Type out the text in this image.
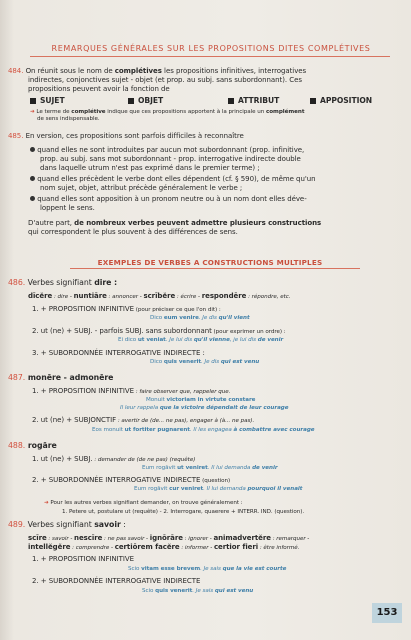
REMARQUES GÉNÉRALES SUR LES PROPOSITIONS DITES COMPLÉTIVES
484. On réunit sous le nom de complétives les propositions infinitives, interrogatives
indirectes, conjonctives sujet - objet (et prop. au subj. sans subordonnant). Ces
propositions peuvent avoir la fonction de
SUJET	OBJET	ATTRIBUT	APPOSITION
➜ Le terme de complétive indique que ces propositions apportent à la principale un complément
de sens indispensable.
485. En version, ces propositions sont parfois difficiles à reconnaître
quand elles ne sont introduites par aucun mot subordonnant (prop. infinitive,
prop. au subj. sans mot subordonnant - prop. interrogative indirecte double
dans laquelle utrum n'est pas exprimé dans le premier terme) ;
quand elles précèdent le verbe dont elles dépendent (cf. § 590), de même qu'un
nom sujet, objet, attribut précède généralement le verbe ;
quand elles sont apposition à un pronom neutre ou à un nom dont elles déve-
loppent le sens.
D'autre part, de nombreux verbes peuvent admettre plusieurs constructions
qui correspondent le plus souvent à des différences de sens.
EXEMPLES DE VERBES A CONSTRUCTIONS MULTIPLES
486. Verbes signifiant dire :
dīcĕre : dire - nuntiāre : annoncer - scrībĕre : écrire - respondēre : répondre, etc.
1. + PROPOSITION INFINITIVE (pour préciser ce que l'on dit) :
Dico eum venire. Je dis qu'il vient
2. ut (ne) + SUBJ. - parfois SUBJ. sans subordonnant (pour exprimer un ordre) :
Ei dico ut veniat. Je lui dis qu'il vienne, je lui dis de venir
3. + SUBORDONNÉE INTERROGATIVE INDIRECTE :
Dico quis venerit. Je dis qui est venu
487. monēre - admonēre
1. + PROPOSITION INFINITIVE : faire observer que, rappeler que.
Monuit victoriam in virtute constare
Il leur rappela que la victoire dépendait de leur courage
2. ut (ne) + SUBJONCTIF : avertir de (de... ne pas), engager à (à... ne pas).
Eos monuit ut fortiter pugnarent. Il les engagea à combattre avec courage
488. rogāre
1. ut (ne) + SUBJ. : demander de (de ne pas) (requête)
Eum rogāvit ut veniret. Il lui demanda de venir
2. + SUBORDONNÉE INTERROGATIVE INDIRECTE (question)
Eum rogāvit cur veniret. Il lui demanda pourquoi il venait
➜ Pour les autres verbes signifiant demander, on trouve généralement :
1. Petere ut, postulare ut (requête) - 2. Interrogare, quaerere + INTERR. IND. (question).
489. Verbes signifiant savoir :
scīre : savoir - nescīre : ne pas savoir - ignōrāre : ignorer - animadvertĕre : remarquer -
intellĕgĕre : comprendre - certiōrem facĕre : informer - certior fieri : être informé.
1. + PROPOSITION INFINITIVE
Scio vitam esse brevem. Je sais que la vie est courte
2. + SUBORDONNÉE INTERROGATIVE INDIRECTE
Scio quis venerit. Je sais qui est venu
153
